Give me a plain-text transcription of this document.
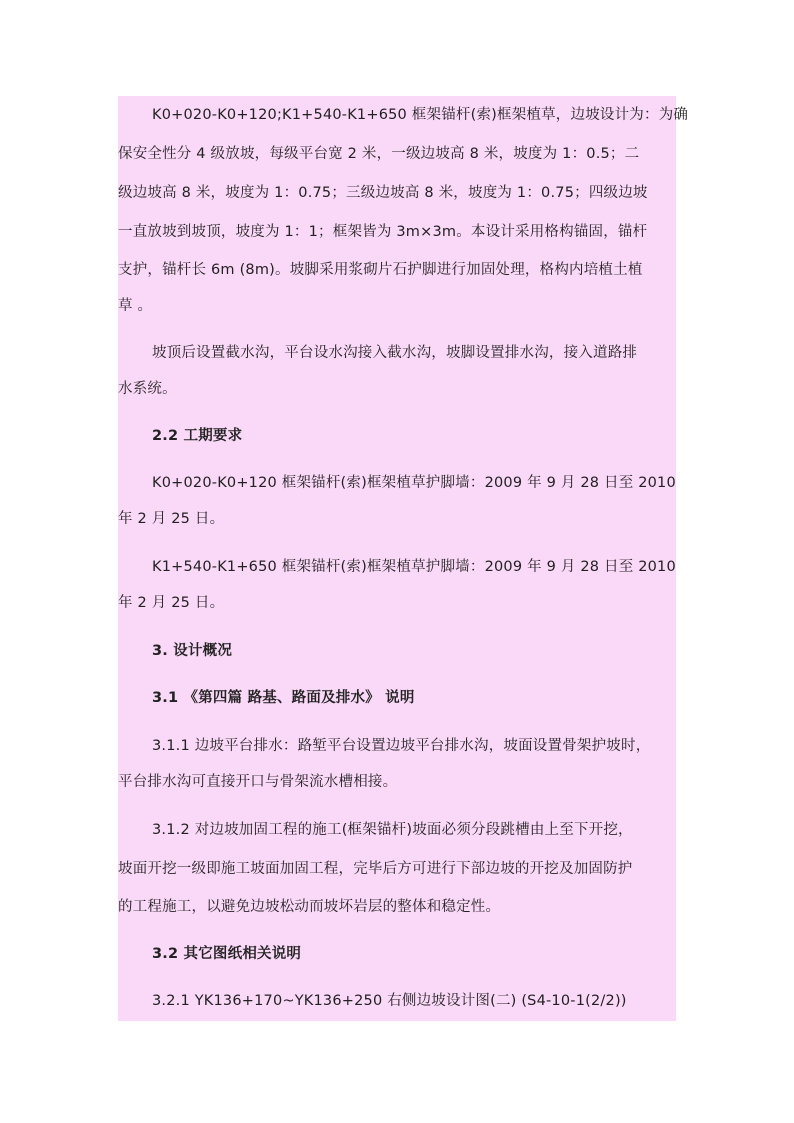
K0+020-K0+120;K1+540-K1+650 框架锚杆(索)框架植草，边坡设计为：为确
保安全性分 4 级放坡，每级平台宽 2 米，一级边坡高 8 米，坡度为 1：0.5；二
级边坡高 8 米，坡度为 1：0.75；三级边坡高 8 米，坡度为 1：0.75；四级边坡
一直放坡到坡顶，坡度为 1：1；框架皆为 3m×3m。本设计采用格构锚固，锚杆
支护，锚杆长 6m (8m)。坡脚采用浆砌片石护脚进行加固处理，格构内培植土植
草 。
坡顶后设置截水沟，平台设水沟接入截水沟，坡脚设置排水沟，接入道路排
水系统。
2.2 工期要求
K0+020-K0+120 框架锚杆(索)框架植草护脚墙：2009 年 9 月 28 日至 2010
年 2 月 25 日。
K1+540-K1+650 框架锚杆(索)框架植草护脚墙：2009 年 9 月 28 日至 2010
年 2 月 25 日。
3. 设计概况
3.1 《第四篇 路基、路面及排水》 说明
3.1.1 边坡平台排水：路堑平台设置边坡平台排水沟，坡面设置骨架护坡时，
平台排水沟可直接开口与骨架流水槽相接。
3.1.2 对边坡加固工程的施工(框架锚杆)坡面必须分段跳槽由上至下开挖，
坡面开挖一级即施工坡面加固工程，完毕后方可进行下部边坡的开挖及加固防护
的工程施工，以避免边坡松动而坡坏岩层的整体和稳定性。
3.2 其它图纸相关说明
3.2.1 YK136+170~YK136+250 右侧边坡设计图(二) (S4-10-1(2/2))
